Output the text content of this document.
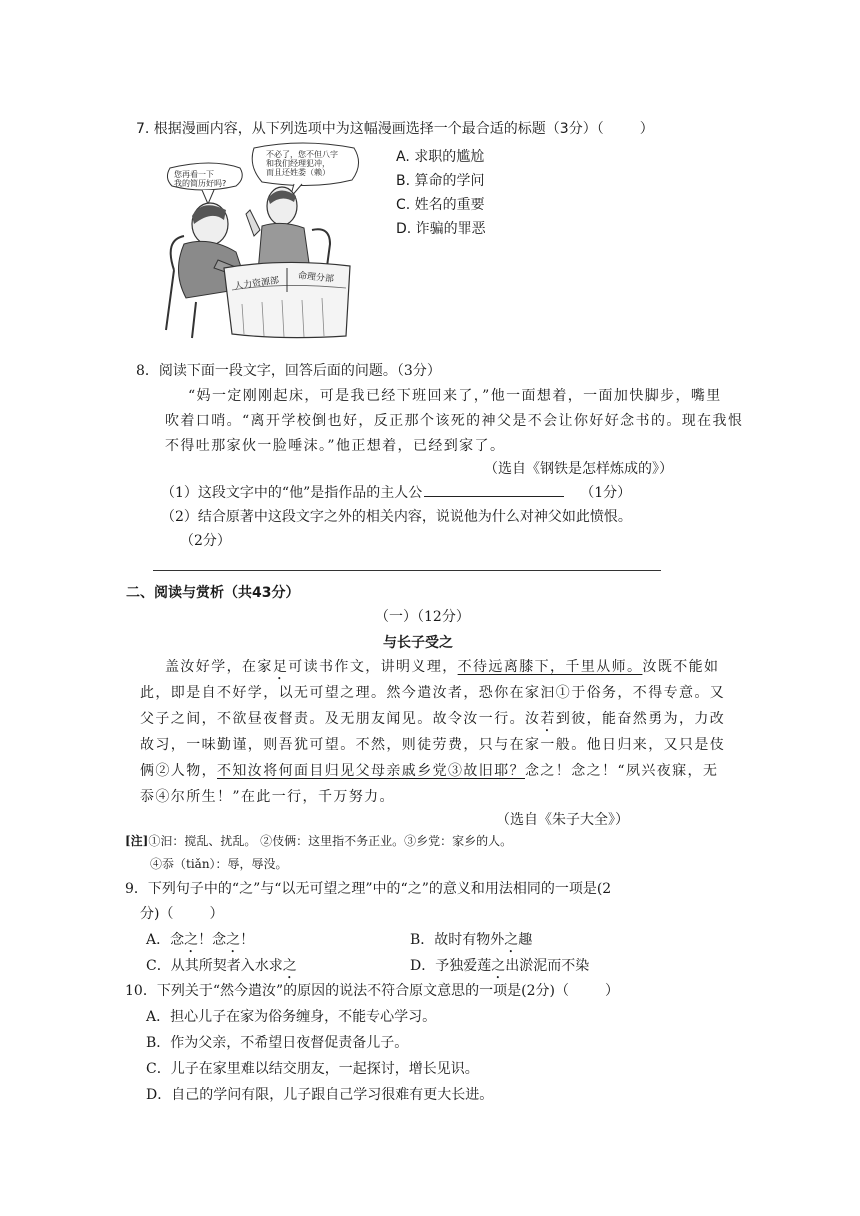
7. 根据漫画内容，从下列选项中为这幅漫画选择一个最合适的标题（3分）（	）
您再看一下
我的简历好吗?
不必了，您不但八字
和我们经理犯冲，
而且还姓娄（赖）
人力资源部 命理分部
A. 求职的尴尬
B. 算命的学问
C. 姓名的重要
D. 诈骗的罪恶
8．阅读下面一段文字，回答后面的问题。（3分）
“妈一定刚刚起床，可是我已经下班回来了，”他一面想着，一面加快脚步，嘴里
吹着口哨。“离开学校倒也好，反正那个该死的神父是不会让你好好念书的。现在我恨
不得吐那家伙一脸唾沫。”他正想着，已经到家了。
（选自《钢铁是怎样炼成的》）
（1）这段文字中的“他”是指作品的主人公	（1分）
（2）结合原著中这段文字之外的相关内容，说说他为什么对神父如此愤恨。
（2分）
二、阅读与赏析（共43分）
（一）（12分）
与长子受之
盖汝好学，在家足可读书作文，讲明义理，不待远离膝下，千里从师。汝既不能如
此，即是自不好学，以无可望之理。然今遣汝者，恐你在家汩①于俗务，不得专意。又
父子之间，不欲昼夜督责。及无朋友闻见。故令汝一行。汝若到彼，能奋然勇为，力改
故习，一味勤谨，则吾犹可望。不然，则徒劳费，只与在家一般。他日归来，又只是伎
俩②人物，不知汝将何面目归见父母亲戚乡党③故旧耶？念之！念之！“夙兴夜寐，无
忝④尔所生！”在此一行，千万努力。
（选自《朱子大全》）
[注]①汩：搅乱、扰乱。 ②伎俩：这里指不务正业。③乡党：家乡的人。
④忝（tiǎn）：辱，辱没。
9．下列句子中的“之”与“以无可望之理”中的“之”的意义和用法相同的一项是(2
分)（	）
A．念之！念之！	B．故时有物外之趣
C．从其所契者入水求之	D．予独爱莲之出淤泥而不染
10．下列关于“然今遣汝”的原因的说法不符合原文意思的一项是(2分)（	）
A．担心儿子在家为俗务缠身，不能专心学习。
B．作为父亲，不希望日夜督促责备儿子。
C．儿子在家里难以结交朋友，一起探讨，增长见识。
D．自己的学问有限，儿子跟自己学习很难有更大长进。
